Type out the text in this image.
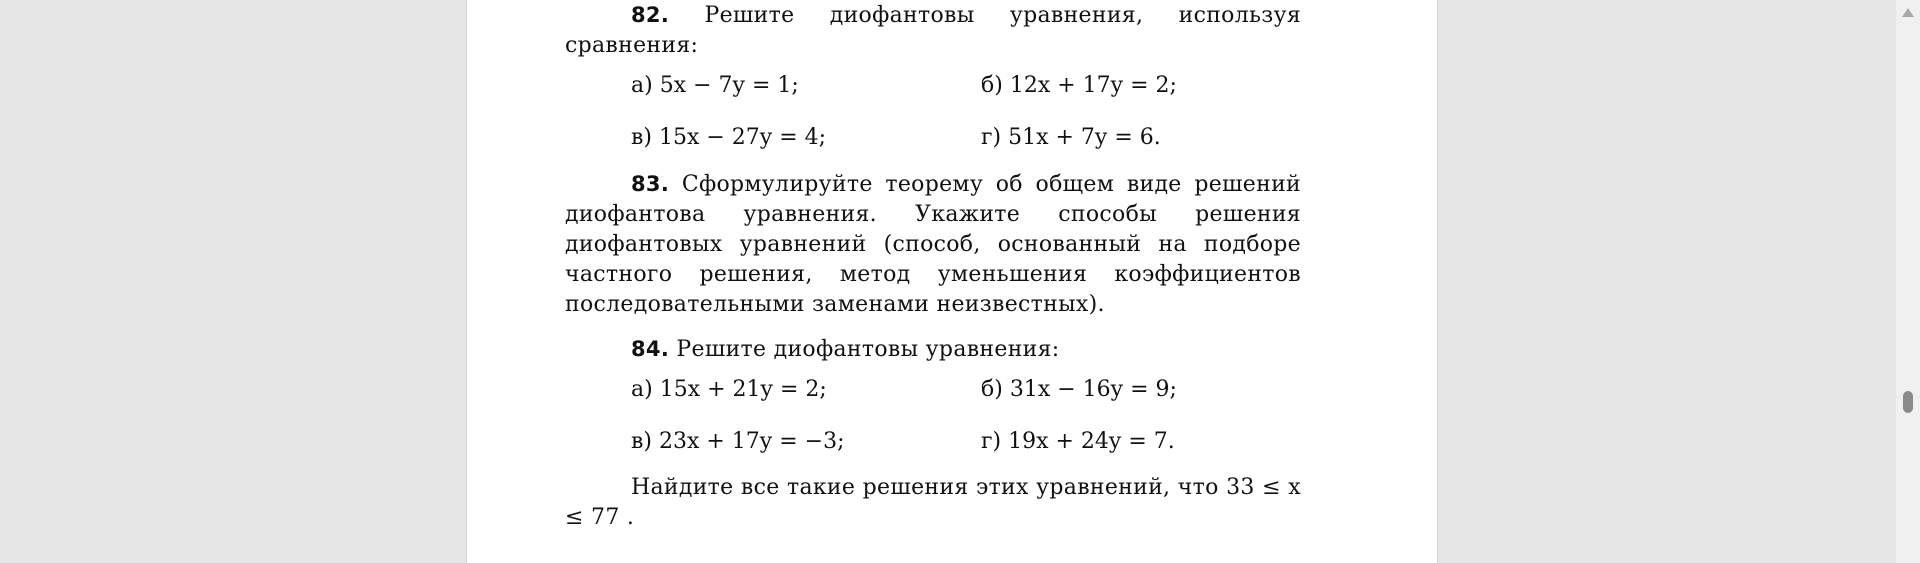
82. Решите диофантовы уравнения, используя сравнения:

а) 5x − 7y = 1;	б) 12x + 17y = 2;
в) 15x − 27y = 4;	г) 51x + 7y = 6.

83. Сформулируйте теорему об общем виде решений диофантова уравнения. Укажите способы решения диофантовых уравнений (способ, основанный на подборе частного решения, метод уменьшения коэффициентов последовательными заменами неизвестных).

84. Решите диофантовы уравнения:

а) 15x + 21y = 2;	б) 31x − 16y = 9;
в) 23x + 17y = −3;	г) 19x + 24y = 7.

Найдите все такие решения этих уравнений, что 33 ≤ x ≤ 77 .
